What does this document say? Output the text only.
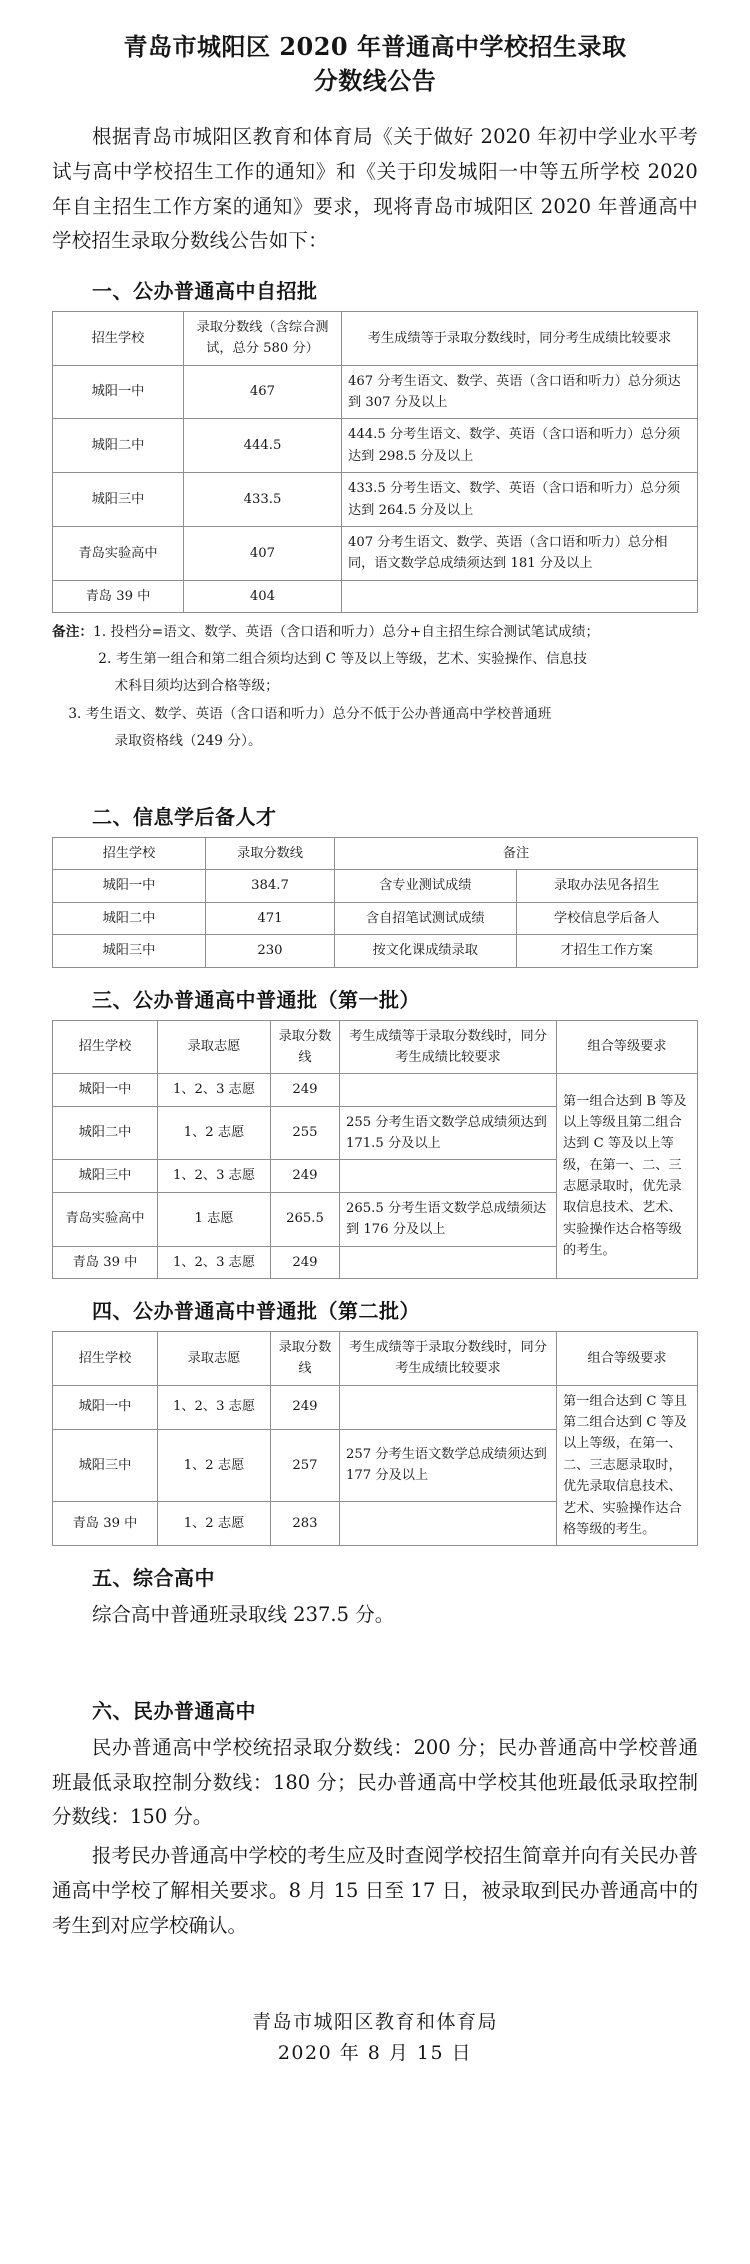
青岛市城阳区 2020 年普通高中学校招生录取
分数线公告

根据青岛市城阳区教育和体育局《关于做好 2020 年初中学业水平考试与高中学校招生工作的通知》和《关于印发城阳一中等五所学校 2020 年自主招生工作方案的通知》要求，现将青岛市城阳区 2020 年普通高中学校招生录取分数线公告如下：

一、公办普通高中自招批
招生学校	录取分数线（含综合测试，总分 580 分）	考生成绩等于录取分数线时，同分考生成绩比较要求
城阳一中	467	467 分考生语文、数学、英语（含口语和听力）总分须达到 307 分及以上
城阳二中	444.5	444.5 分考生语文、数学、英语（含口语和听力）总分须达到 298.5 分及以上
城阳三中	433.5	433.5 分考生语文、数学、英语（含口语和听力）总分须达到 264.5 分及以上
青岛实验高中	407	407 分考生语文、数学、英语（含口语和听力）总分相同，语文数学总成绩须达到 181 分及以上
青岛 39 中	404	
备注：1. 投档分=语文、数学、英语（含口语和听力）总分+自主招生综合测试笔试成绩；
2. 考生第一组合和第二组合须均达到 C 等及以上等级，艺术、实验操作、信息技
术科目须均达到合格等级；
3. 考生语文、数学、英语（含口语和听力）总分不低于公办普通高中学校普通班
录取资格线（249 分）。
二、信息学后备人才
招生学校	录取分数线	备注	
城阳一中	384.7	含专业测试成绩	录取办法见各招生
城阳二中	471	含自招笔试测试成绩	学校信息学后备人
城阳三中	230	按文化课成绩录取	才招生工作方案
三、公办普通高中普通批（第一批）
招生学校	录取志愿	录取分数线	考生成绩等于录取分数线时，同分考生成绩比较要求	组合等级要求
城阳一中	1、2、3 志愿	249		第一组合达到 B 等及以上等级且第二组合达到 C 等及以上等级，在第一、二、三志愿录取时，优先录取信息技术、艺术、实验操作达合格等级的考生。
城阳二中	1、2 志愿	255	255 分考生语文数学总成绩须达到 171.5 分及以上	
城阳三中	1、2、3 志愿	249		
青岛实验高中	1 志愿	265.5	265.5 分考生语文数学总成绩须达到 176 分及以上	
青岛 39 中	1、2、3 志愿	249		
四、公办普通高中普通批（第二批）
招生学校	录取志愿	录取分数线	考生成绩等于录取分数线时，同分考生成绩比较要求	组合等级要求
城阳一中	1、2、3 志愿	249		第一组合达到 C 等且第二组合达到 C 等及以上等级，在第一、二、三志愿录取时，优先录取信息技术、艺术、实验操作达合格等级的考生。
城阳三中	1、2 志愿	257	257 分考生语文数学总成绩须达到 177 分及以上	
青岛 39 中	1、2 志愿	283		
五、综合高中

综合高中普通班录取线 237.5 分。

六、民办普通高中

民办普通高中学校统招录取分数线：200 分；民办普通高中学校普通班最低录取控制分数线：180 分；民办普通高中学校其他班最低录取控制分数线：150 分。

报考民办普通高中学校的考生应及时查阅学校招生简章并向有关民办普通高中学校了解相关要求。8 月 15 日至 17 日，被录取到民办普通高中的考生到对应学校确认。

青岛市城阳区教育和体育局
2020 年 8 月 15 日
